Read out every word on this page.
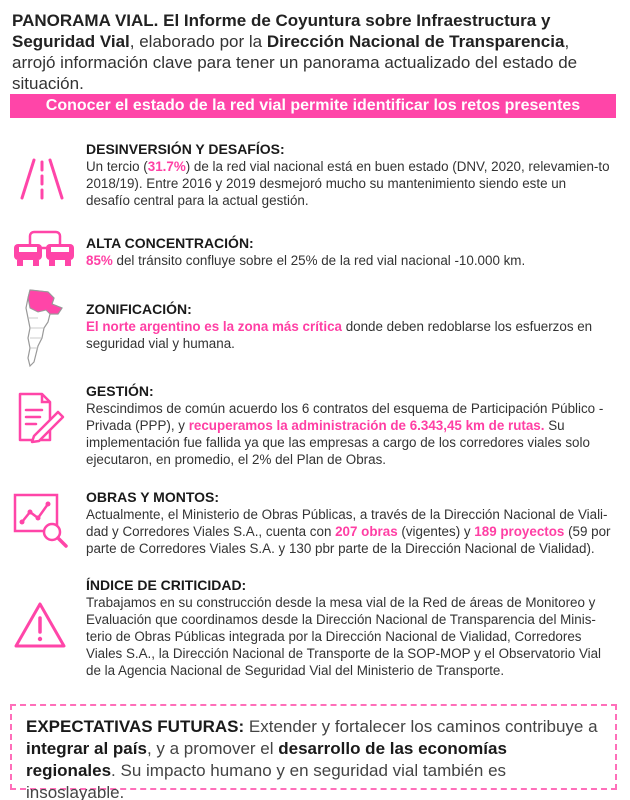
PANORAMA VIAL. El Informe de Coyuntura sobre Infraestructura y Seguridad Vial, elaborado por la Dirección Nacional de Transparencia, arrojó información clave para tener un panorama actualizado del estado de situación.
Conocer el estado de la red vial permite identificar los retos presentes
DESINVERSIÓN Y DESAFÍOS:
Un tercio (31.7%) de la red vial nacional está en buen estado (DNV, 2020, relevamien-to 2018/19). Entre 2016 y 2019 desmejoró mucho su mantenimiento siendo este un desafío central para la actual gestión.
ALTA CONCENTRACIÓN:
85% del tránsito confluye sobre el 25% de la red vial nacional -10.000 km.
ZONIFICACIÓN:
El norte argentino es la zona más crítica donde deben redoblarse los esfuerzos en seguridad vial y humana.
GESTIÓN:
Rescindimos de común acuerdo los 6 contratos del esquema de Participación Público - Privada (PPP), y recuperamos la administración de 6.343,45 km de rutas. Su implementación fue fallida ya que las empresas a cargo de los corredores viales solo ejecutaron, en promedio, el 2% del Plan de Obras.
OBRAS Y MONTOS:
Actualmente, el Ministerio de Obras Públicas, a través de la Dirección Nacional de Viali-dad y Corredores Viales S.A., cuenta con 207 obras (vigentes) y 189 proyectos (59 por parte de Corredores Viales S.A. y 130 pbr parte de la Dirección Nacional de Vialidad).
ÍNDICE DE CRITICIDAD:
Trabajamos en su construcción desde la mesa vial de la Red de áreas de Monitoreo y Evaluación que coordinamos desde la Dirección Nacional de Transparencia del Minis-terio de Obras Públicas integrada por la Dirección Nacional de Vialidad, Corredores Viales S.A., la Dirección Nacional de Transporte de la SOP-MOP y el Observatorio Vial de la Agencia Nacional de Seguridad Vial del Ministerio de Transporte.
EXPECTATIVAS FUTURAS: Extender y fortalecer los caminos contribuye a integrar al país, y a promover el desarrollo de las economías regionales. Su impacto humano y en seguridad vial también es insoslayable.
